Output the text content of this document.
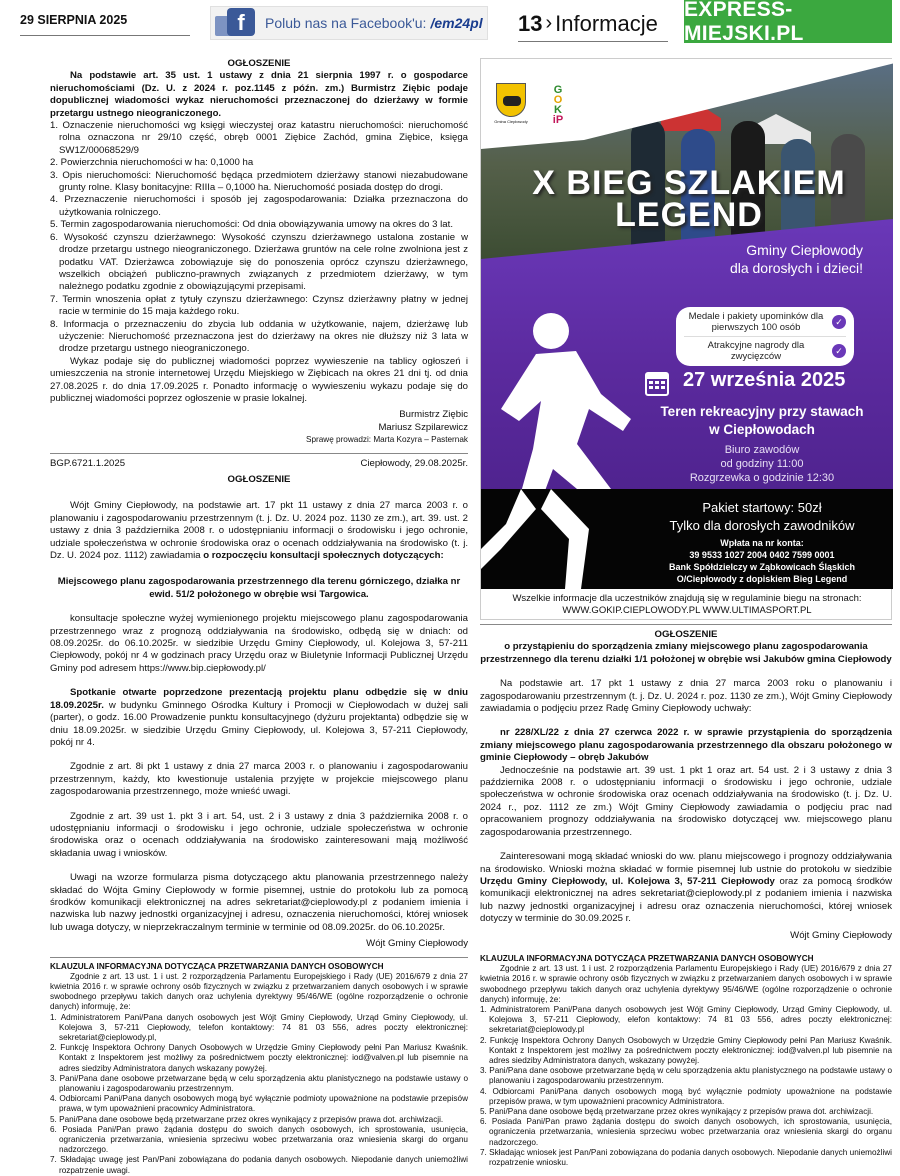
29 SIERPNIA 2025	f	Polub nas na Facebook'u: /em24pl 13 › Informacje
EXPRESS-MIEJSKI.PL
OGŁOSZENIE

Na podstawie art. 35 ust. 1 ustawy z dnia 21 sierpnia 1997 r. o gospodarce nieruchomościami (Dz. U. z 2024 r. poz.1145 z późn. zm.) Burmistrz Ziębic podaje dopublicznej wiadomości wykaz nieruchomości przeznaczonej do dzierżawy w formie przetargu ustnego nieograniczonego.

1. Oznaczenie nieruchomości wg księgi wieczystej oraz katastru nieruchomości: nieruchomość rolna oznaczona nr 29/10 część, obręb 0001 Ziębice Zachód, gmina Ziębice, księga SW1Z/00068529/9
2. Powierzchnia nieruchomości w ha: 0,1000 ha
3. Opis nieruchomości: Nieruchomość będąca przedmiotem dzierżawy stanowi niezabudowane grunty rolne. Klasy bonitacyjne: RIIIa – 0,1000 ha. Nieruchomość posiada dostęp do drogi.
4. Przeznaczenie nieruchomości i sposób jej zagospodarowania: Działka przeznaczona do użytkowania rolniczego.
5. Termin zagospodarowania nieruchomości: Od dnia obowiązywania umowy na okres do 3 lat.
6. Wysokość czynszu dzierżawnego: Wysokość czynszu dzierżawnego ustalona zostanie w drodze przetargu ustnego nieograniczonego. Dzierżawa gruntów na cele rolne zwolniona jest z podatku VAT. Dzierżawca zobowiązuje się do ponoszenia oprócz czynszu dzierżawnego, wszelkich obciążeń publiczno-prawnych związanych z przedmiotem dzierżawy, w tym należnego podatku zgodnie z obowiązującymi przepisami.
7. Termin wnoszenia opłat z tytuły czynszu dzierżawnego: Czynsz dzierżawny płatny w jednej racie w terminie do 15 maja każdego roku.
8. Informacja o przeznaczeniu do zbycia lub oddania w użytkowanie, najem, dzierżawę lub użyczenie: Nieruchomość przeznaczona jest do dzierżawy na okres nie dłuższy niż 3 lata w drodze przetargu ustnego nieograniczonego.

Wykaz podaje się do publicznej wiadomości poprzez wywieszenie na tablicy ogłoszeń i umieszczenia na stronie internetowej Urzędu Miejskiego w Ziębicach na okres 21 dni tj. od dnia 27.08.2025 r. do dnia 17.09.2025 r. Ponadto informację o wywieszeniu wykazu podaje się do publicznej wiadomości poprzez ogłoszenie w prasie lokalnej.

Burmistrz Ziębic
Mariusz Szpilarewicz
Sprawę prowadzi: Marta Kozyra – Pasternak
BGP.6721.1.2025	Ciepłowody, 29.08.2025r.
OGŁOSZENIE

Wójt Gminy Ciepłowody, na podstawie art. 17 pkt 11 ustawy z dnia 27 marca 2003 r. o planowaniu i zagospodarowaniu przestrzennym (t. j. Dz. U. 2024 poz. 1130 ze zm.), art. 39. ust. 2 ustawy z dnia 3 października 2008 r. o udostępnianiu informacji o środowisku i jego ochronie, udziale społeczeństwa w ochronie środowiska oraz o ocenach oddziaływania na środowisko (t. j. Dz. U. 2024 poz. 1112) zawiadamia o rozpoczęciu konsultacji społecznych dotyczących:

Miejscowego planu zagospodarowania przestrzennego dla terenu górniczego, działka nr ewid. 51/2 położonego w obrębie wsi Targowica.

konsultacje społeczne wyżej wymienionego projektu miejscowego planu zagospodarowania przestrzennego wraz z prognozą oddziaływania na środowisko, odbędą się w dniach: od 08.09.2025r. do 06.10.2025r. w siedzibie Urzędu Gminy Ciepłowody, ul. Kolejowa 3, 57-211 Ciepłowody, pokój nr 4 w godzinach pracy Urzędu oraz w Biuletynie Informacji Publicznej Urzędu Gminy pod adresem https://www.bip.ciepłowody.pl/

Spotkanie otwarte poprzedzone prezentacją projektu planu odbędzie się w dniu 18.09.2025r. w budynku Gminnego Ośrodka Kultury i Promocji w Ciepłowodach w dużej sali (parter), o godz. 16.00 Prowadzenie punktu konsultacyjnego (dyżuru projektanta) odbędzie się w dniu 18.09.2025r. w siedzibie Urzędu Gminy Ciepłowody, ul. Kolejowa 3, 57-211 Ciepłowody, pokój nr 4.

Zgodnie z art. 8i pkt 1 ustawy z dnia 27 marca 2003 r. o planowaniu i zagospodarowaniu przestrzennym, każdy, kto kwestionuje ustalenia przyjęte w projekcie miejscowego planu zagospodarowania przestrzennego, może wnieść uwagi.

Zgodnie z art. 39 ust 1. pkt 3 i art. 54, ust. 2 i 3 ustawy z dnia 3 października 2008 r. o udostępnianiu informacji o środowisku i jego ochronie, udziale społeczeństwa w ochronie środowiska oraz o ocenach oddziaływania na środowisko zainteresowani mają możliwość składania uwag i wniosków.

Uwagi na wzorze formularza pisma dotyczącego aktu planowania przestrzennego należy składać do Wójta Gminy Ciepłowody w formie pisemnej, ustnie do protokołu lub za pomocą środków komunikacji elektronicznej na adres sekretariat@cieplowody.pl z podaniem imienia i nazwiska lub nazwy jednostki organizacyjnej i adresu, oznaczenia nieruchomości, której wniosek lub uwaga dotyczy, w nieprzekraczalnym terminie w terminie od 08.09.2025r. do 06.10.2025r.

Wójt Gminy Ciepłowody
KLAUZULA INFORMACYJNA DOTYCZĄCA PRZETWARZANIA DANYCH OSOBOWYCH

Zgodnie z art. 13 ust. 1 i ust. 2 rozporządzenia Parlamentu Europejskiego i Rady (UE) 2016/679 z dnia 27 kwietnia 2016 r. w sprawie ochrony osób fizycznych w związku z przetwarzaniem danych osobowych i w sprawie swobodnego przepływu takich danych oraz uchylenia dyrektywy 95/46/WE (ogólne rozporządzenie o ochronie danych) informuję, że:

1. Administratorem Pani/Pana danych osobowych jest Wójt Gminy Ciepłowody, Urząd Gminy Ciepłowody, ul. Kolejowa 3, 57-211 Ciepłowody, telefon kontaktowy: 74 81 03 556, adres poczty elektronicznej: sekretariat@cieplowody.pl,
2. Funkcję Inspektora Ochrony Danych Osobowych w Urzędzie Gminy Ciepłowody pełni Pan Mariusz Kwaśnik. Kontakt z Inspektorem jest możliwy za pośrednictwem poczty elektronicznej: iod@valven.pl lub pisemnie na adres siedziby Administratora danych wskazany powyżej.
3. Pani/Pana dane osobowe przetwarzane będą w celu sporządzenia aktu planistycznego na podstawie ustawy o planowaniu i zagospodarowaniu przestrzennym.
4. Odbiorcami Pani/Pana danych osobowych mogą być wyłącznie podmioty upoważnione na podstawie przepisów prawa, w tym upoważnieni pracownicy Administratora.
5. Pani/Pana dane osobowe będą przetwarzane przez okres wynikający z przepisów prawa dot. archiwizacji.
6. Posiada Pani/Pan prawo żądania dostępu do swoich danych osobowych, ich sprostowania, usunięcia, ograniczenia przetwarzania, wniesienia sprzeciwu wobec przetwarzania oraz wniesienia skargi do organu nadzorczego.
7. Składając uwagę jest Pan/Pani zobowiązana do podania danych osobowych. Niepodanie danych uniemożliwi rozpatrzenie uwagi.
Gmina Ciepłowody
G
O
K
iP
X BIEG SZLAKIEM
LEGEND
Gminy Ciepłowody
dla dorosłych i dzieci!
Medale i pakiety upominków dla pierwszych 100 osób	✓
Atrakcyjne nagrody dla zwycięzców	✓
27 września 2025
Teren rekreacyjny przy stawach
w Ciepłowodach
Biuro zawodów
od godziny 11:00
Rozgrzewka o godzinie 12:30
Pakiet startowy: 50zł
Tylko dla dorosłych zawodników
Wpłata na nr konta:
39 9533 1027 2004 0402 7599 0001
Bank Spółdzielczy w Ząbkowicach Śląskich
O/Ciepłowody z dopiskiem Bieg Legend
Wszelkie informacje dla uczestników znajdują się w regulaminie biegu na stronach:
WWW.GOKIP.CIEPLOWODY.PL WWW.ULTIMASPORT.PL
OGŁOSZENIE

o przystąpieniu do sporządzenia zmiany miejscowego planu zagospodarowania przestrzennego dla terenu działki 1/1 położonej w obrębie wsi Jakubów gmina Ciepłowody

Na podstawie art. 17 pkt 1 ustawy z dnia 27 marca 2003 roku o planowaniu i zagospodarowaniu przestrzennym (t. j. Dz. U. 2024 r. poz. 1130 ze zm.), Wójt Gminy Ciepłowody zawiadamia o podjęciu przez Radę Gminy Ciepłowody uchwały:

nr 228/XL/22 z dnia 27 czerwca 2022 r. w sprawie przystąpienia do sporządzenia zmiany miejscowego planu zagospodarowania przestrzennego dla obszaru położonego w gminie Ciepłowody – obręb Jakubów

Jednocześnie na podstawie art. 39 ust. 1 pkt 1 oraz art. 54 ust. 2 i 3 ustawy z dnia 3 października 2008 r. o udostępnianiu informacji o środowisku i jego ochronie, udziale społeczeństwa w ochronie środowiska oraz ocenach oddziaływania na środowisko (t. j. Dz. U. 2024 r., poz. 1112 ze zm.) Wójt Gminy Ciepłowody zawiadamia o podjęciu prac nad opracowaniem prognozy oddziaływania na środowisko dotyczącej ww. miejscowego planu zagospodarowania przestrzennego.

Zainteresowani mogą składać wnioski do ww. planu miejscowego i prognozy oddziaływania na środowisko. Wnioski można składać w formie pisemnej lub ustnie do protokołu w siedzibie Urzędu Gminy Ciepłowody, ul. Kolejowa 3, 57-211 Ciepłowody oraz za pomocą środków komunikacji elektronicznej na adres sekretariat@cieplowody.pl z podaniem imienia i nazwiska lub nazwy jednostki organizacyjnej i adresu oraz oznaczenia nieruchomości, której wniosek dotyczy w terminie do 30.09.2025 r.

Wójt Gminy Ciepłowody
KLAUZULA INFORMACYJNA DOTYCZĄCA PRZETWARZANIA DANYCH OSOBOWYCH

Zgodnie z art. 13 ust. 1 i ust. 2 rozporządzenia Parlamentu Europejskiego i Rady (UE) 2016/679 z dnia 27 kwietnia 2016 r. w sprawie ochrony osób fizycznych w związku z przetwarzaniem danych osobowych i w sprawie swobodnego przepływu takich danych oraz uchylenia dyrektywy 95/46/WE (ogólne rozporządzenie o ochronie danych) informuję, że:

1. Administratorem Pani/Pana danych osobowych jest Wójt Gminy Ciepłowody, Urząd Gminy Ciepłowody, ul. Kolejowa 3, 57-211 Ciepłowody, elefon kontaktowy: 74 81 03 556, adres poczty elektronicznej: sekretariat@cieplowody.pl
2. Funkcję Inspektora Ochrony Danych Osobowych w Urzędzie Gminy Ciepłowody pełni Pan Mariusz Kwaśnik. Kontakt z Inspektorem jest możliwy za pośrednictwem poczty elektronicznej: iod@valven.pl lub pisemnie na adres siedziby Administratora danych, wskazany powyżej.
3. Pani/Pana dane osobowe przetwarzane będą w celu sporządzenia aktu planistycznego na podstawie ustawy o planowaniu i zagospodarowaniu przestrzennym.
4. Odbiorcami Pani/Pana danych osobowych mogą być wyłącznie podmioty upoważnione na podstawie przepisów prawa, w tym upoważnieni pracownicy Administratora.
5. Pani/Pana dane osobowe będą przetwarzane przez okres wynikający z przepisów prawa dot. archiwizacji.
6. Posiada Pani/Pan prawo żądania dostępu do swoich danych osobowych, ich sprostowania, usunięcia, ograniczenia przetwarzania, wniesienia sprzeciwu wobec przetwarzania oraz wniesienia skargi do organu nadzorczego.
7. Składając wniosek jest Pan/Pani zobowiązana do podania danych osobowych. Niepodanie danych uniemożliwi rozpatrzenie wniosku.
